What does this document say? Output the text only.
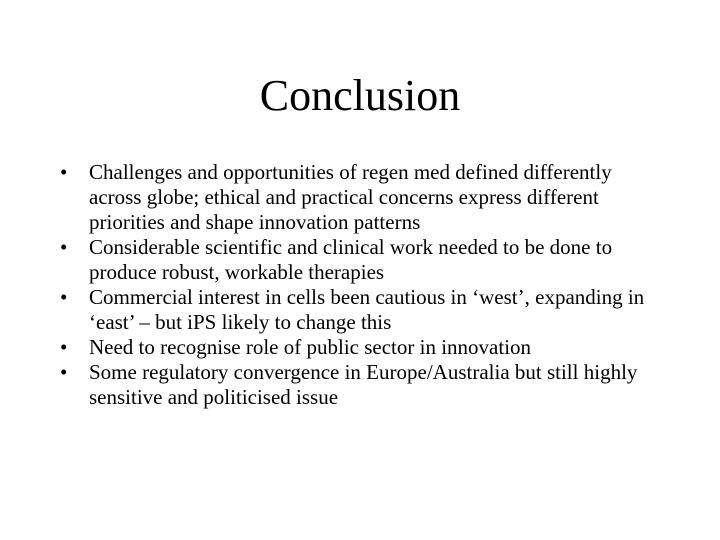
Conclusion
• Challenges and opportunities of regen med defined differently across globe; ethical and practical concerns express different priorities and shape innovation patterns
• Considerable scientific and clinical work needed to be done to produce robust, workable therapies
• Commercial interest in cells been cautious in ‘west’, expanding in ‘east’ – but iPS likely to change this
• Need to recognise role of public sector in innovation
• Some regulatory convergence in Europe/Australia but still highly sensitive and politicised issue
